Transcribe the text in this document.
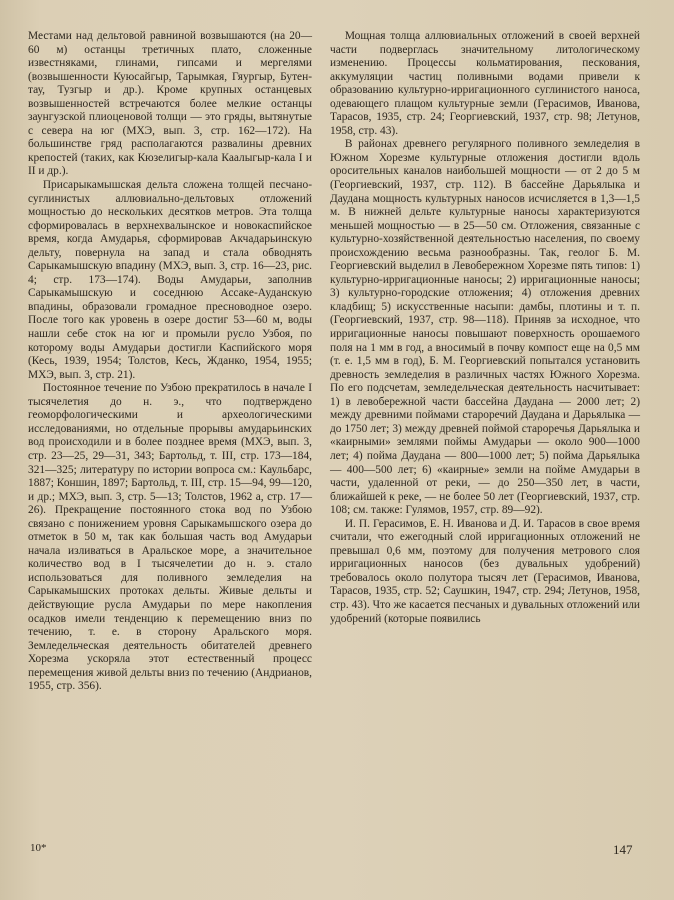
Местами над дельтовой равниной возвышаются (на 20—60 м) останцы третичных плато, сложенные известняками, глинами, гипсами и мергелями (возвышенности Куюсайгыр, Тарымкая, Гяургыр, Бутен-тау, Тузгыр и др.). Кроме крупных останцевых возвышенностей встречаются более мелкие останцы заунгузской плиоценовой толщи — это гряды, вытянутые с севера на юг (МХЭ, вып. 3, стр. 162—172). На большинстве гряд располагаются развалины древних крепостей (таких, как Кюзелигыр-кала Каалыгыр-кала I и II и др.).

Присарыкамышская дельта сложена толщей песчано-суглинистых аллювиально-дельтовых отложений мощностью до нескольких десятков метров. Эта толща сформировалась в верхнехвалынское и новокаспийское время, когда Амударья, сформировав Акчадарьинскую дельту, повернула на запад и стала обводнять Сарыкамышскую впадину (МХЭ, вып. 3, стр. 16—23, рис. 4; стр. 173—174). Воды Амударьи, заполнив Сарыкамышскую и соседнюю Ассаке-Ауданскую впадины, образовали громадное пресноводное озеро. После того как уровень в озере достиг 53—60 м, воды нашли себе сток на юг и промыли русло Узбоя, по которому воды Амударьи достигли Каспийского моря (Кесь, 1939, 1954; Толстов, Кесь, Жданко, 1954, 1955; МХЭ, вып. 3, стр. 21).

Постоянное течение по Узбою прекратилось в начале I тысячелетия до н. э., что подтверждено геоморфологическими и археологическими исследованиями, но отдельные прорывы амударьинских вод происходили и в более позднее время (МХЭ, вып. 3, стр. 23—25, 29—31, 343; Бартольд, т. III, стр. 173—184, 321—325; литературу по истории вопроса см.: Каульбарс, 1887; Коншин, 1897; Бартольд, т. III, стр. 15—94, 99—120, и др.; МХЭ, вып. 3, стр. 5—13; Толстов, 1962 а, стр. 17—26). Прекращение постоянного стока вод по Узбою связано с понижением уровня Сарыкамышского озера до отметок в 50 м, так как большая часть вод Амударьи начала изливаться в Аральское море, а значительное количество вод в I тысячелетии до н. э. стало использоваться для поливного земледелия на Сарыкамышских протоках дельты. Живые дельты и действующие русла Амударьи по мере накопления осадков имели тенденцию к перемещению вниз по течению, т. е. в сторону Аральского моря. Земледельческая деятельность обитателей древнего Хорезма ускоряла этот естественный процесс перемещения живой дельты вниз по течению (Андрианов, 1955, стр. 356).

Мощная толща аллювиальных отложений в своей верхней части подверглась значительному литологическому изменению. Процессы кольматирования, пескования, аккумуляции частиц поливными водами привели к образованию культурно-ирригационного суглинистого наноса, одевающего плащом культурные земли (Герасимов, Иванова, Тарасов, 1935, стр. 24; Георгиевский, 1937, стр. 98; Летунов, 1958, стр. 43).

В районах древнего регулярного поливного земледелия в Южном Хорезме культурные отложения достигли вдоль оросительных каналов наибольшей мощности — от 2 до 5 м (Георгиевский, 1937, стр. 112). В бассейне Дарьялыка и Даудана мощность культурных наносов исчисляется в 1,3—1,5 м. В нижней дельте культурные наносы характеризуются меньшей мощностью — в 25—50 см. Отложения, связанные с культурно-хозяйственной деятельностью населения, по своему происхождению весьма разнообразны. Так, геолог Б. М. Георгиевский выделил в Левобережном Хорезме пять типов: 1) культурно-ирригационные наносы; 2) ирригационные наносы; 3) культурно-городские отложения; 4) отложения древних кладбищ; 5) искусственные насыпи: дамбы, плотины и т. п. (Георгиевский, 1937, стр. 98—118). Приняв за исходное, что ирригационные наносы повышают поверхность орошаемого поля на 1 мм в год, а вносимый в почву компост еще на 0,5 мм (т. е. 1,5 мм в год), Б. М. Георгиевский попытался установить древность земледелия в различных частях Южного Хорезма. По его подсчетам, земледельческая деятельность насчитывает: 1) в левобережной части бассейна Даудана — 2000 лет; 2) между древними поймами староречий Даудана и Дарьялыка — до 1750 лет; 3) между древней поймой староречья Дарьялыка и «каирными» землями поймы Амударьи — около 900—1000 лет; 4) пойма Даудана — 800—1000 лет; 5) пойма Дарьялыка — 400—500 лет; 6) «каирные» земли на пойме Амударьи в части, удаленной от реки, — до 250—350 лет, в части, ближайшей к реке, — не более 50 лет (Георгиевский, 1937, стр. 108; см. также: Гулямов, 1957, стр. 89—92).

И. П. Герасимов, Е. Н. Иванова и Д. И. Тарасов в свое время считали, что ежегодный слой ирригационных отложений не превышал 0,6 мм, поэтому для получения метрового слоя ирригационных наносов (без дувальных удобрений) требовалось около полутора тысяч лет (Герасимов, Иванова, Тарасов, 1935, стр. 52; Саушкин, 1947, стр. 294; Летунов, 1958, стр. 43). Что же касается песчаных и дувальных отложений или удобрений (которые появились

10*	147
